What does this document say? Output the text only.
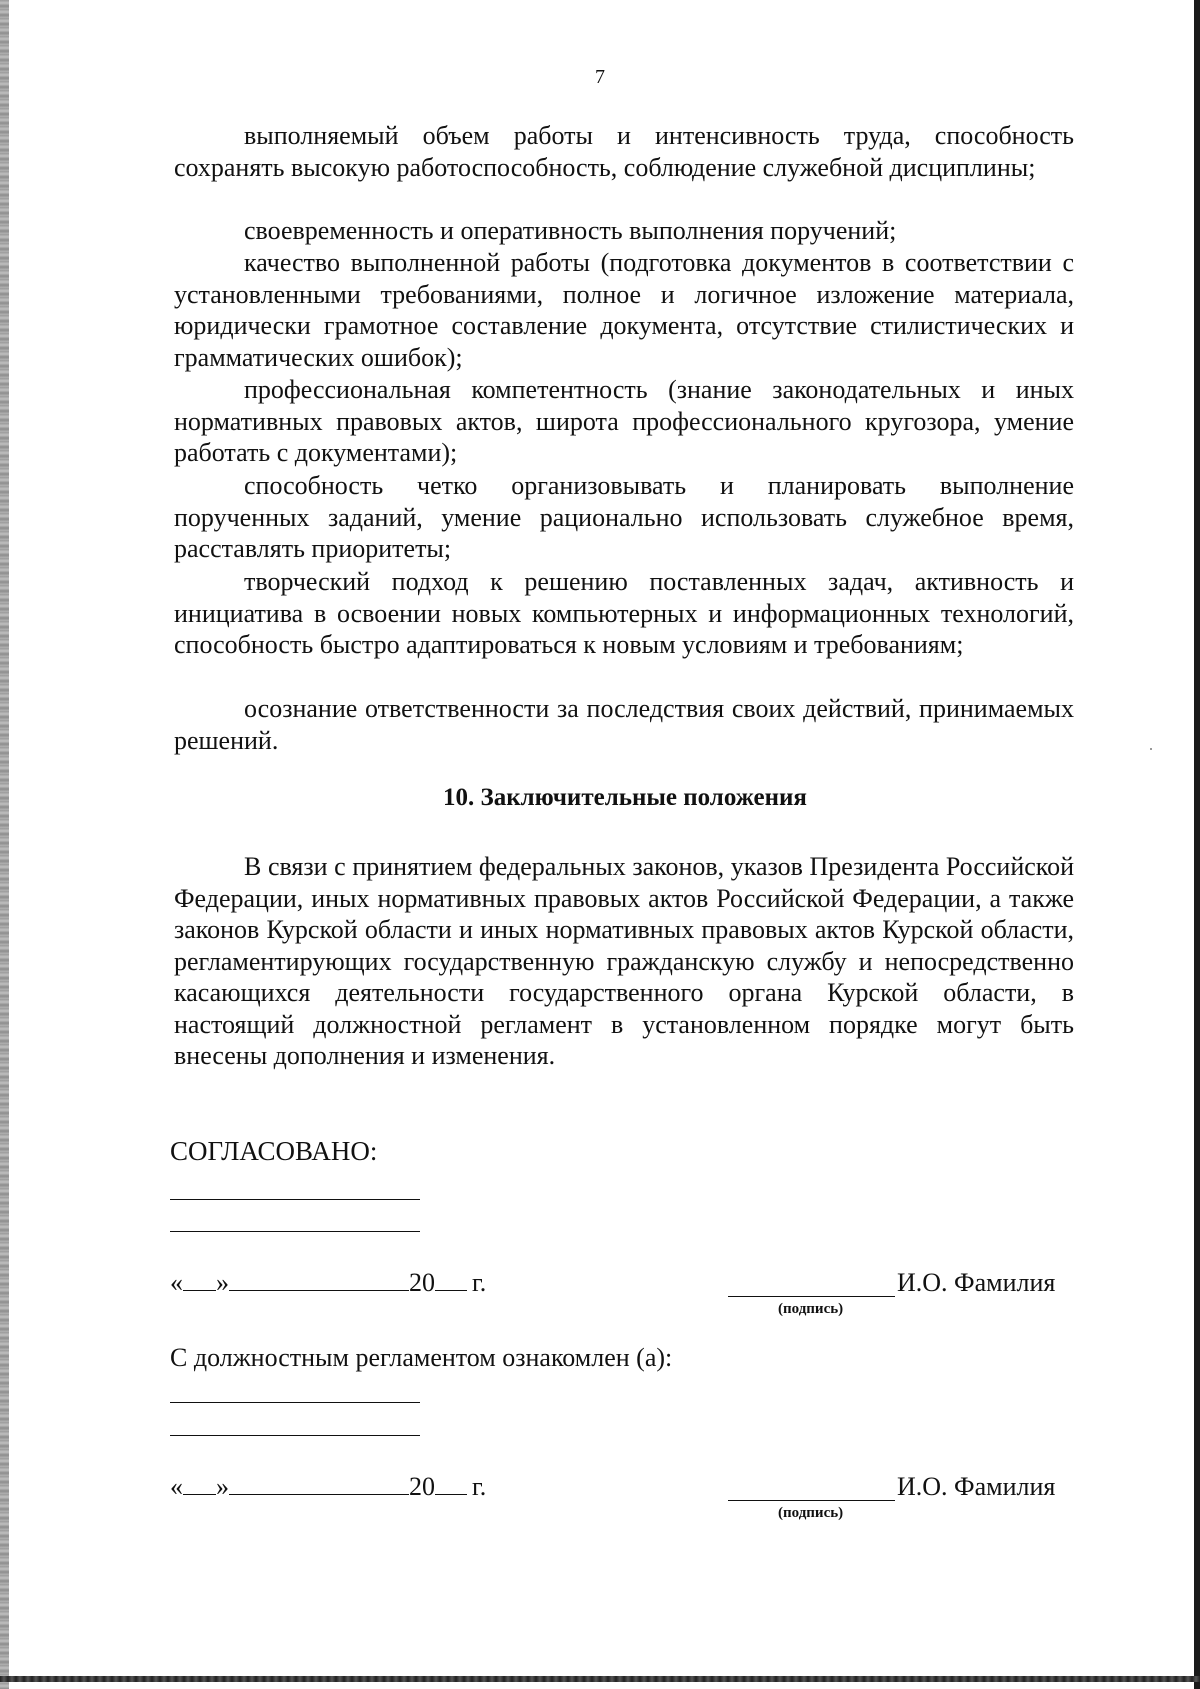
7

выполняемый объем работы и интенсивность труда, способность сохранять высокую работоспособность, соблюдение служебной дисциплины;

своевременность и оперативность выполнения поручений;

качество выполненной работы (подготовка документов в соответствии с установленными требованиями, полное и логичное изложение материала, юридически грамотное составление документа, отсутствие стилистических и грамматических ошибок);

профессиональная компетентность (знание законодательных и иных нормативных правовых актов, широта профессионального кругозора, умение работать с документами);

способность четко организовывать и планировать выполнение порученных заданий, умение рационально использовать служебное время, расставлять приоритеты;

творческий подход к решению поставленных задач, активность и инициатива в освоении новых компьютерных и информационных технологий, способность быстро адаптироваться к новым условиям и требованиям;

осознание ответственности за последствия своих действий, принимаемых решений.

10. Заключительные положения

В связи с принятием федеральных законов, указов Президента Российской Федерации, иных нормативных правовых актов Российской Федерации, а также законов Курской области и иных нормативных правовых актов Курской области, регламентирующих государственную гражданскую службу и непосредственно касающихся деятельности государственного органа Курской области, в настоящий должностной регламент в установленном порядке могут быть внесены дополнения и изменения.

СОГЛАСОВАНО:
« »	20 г.	И.О. Фамилия
(подпись)
С должностным регламентом ознакомлен (а):
« »	20 г.	И.О. Фамилия
(подпись)
